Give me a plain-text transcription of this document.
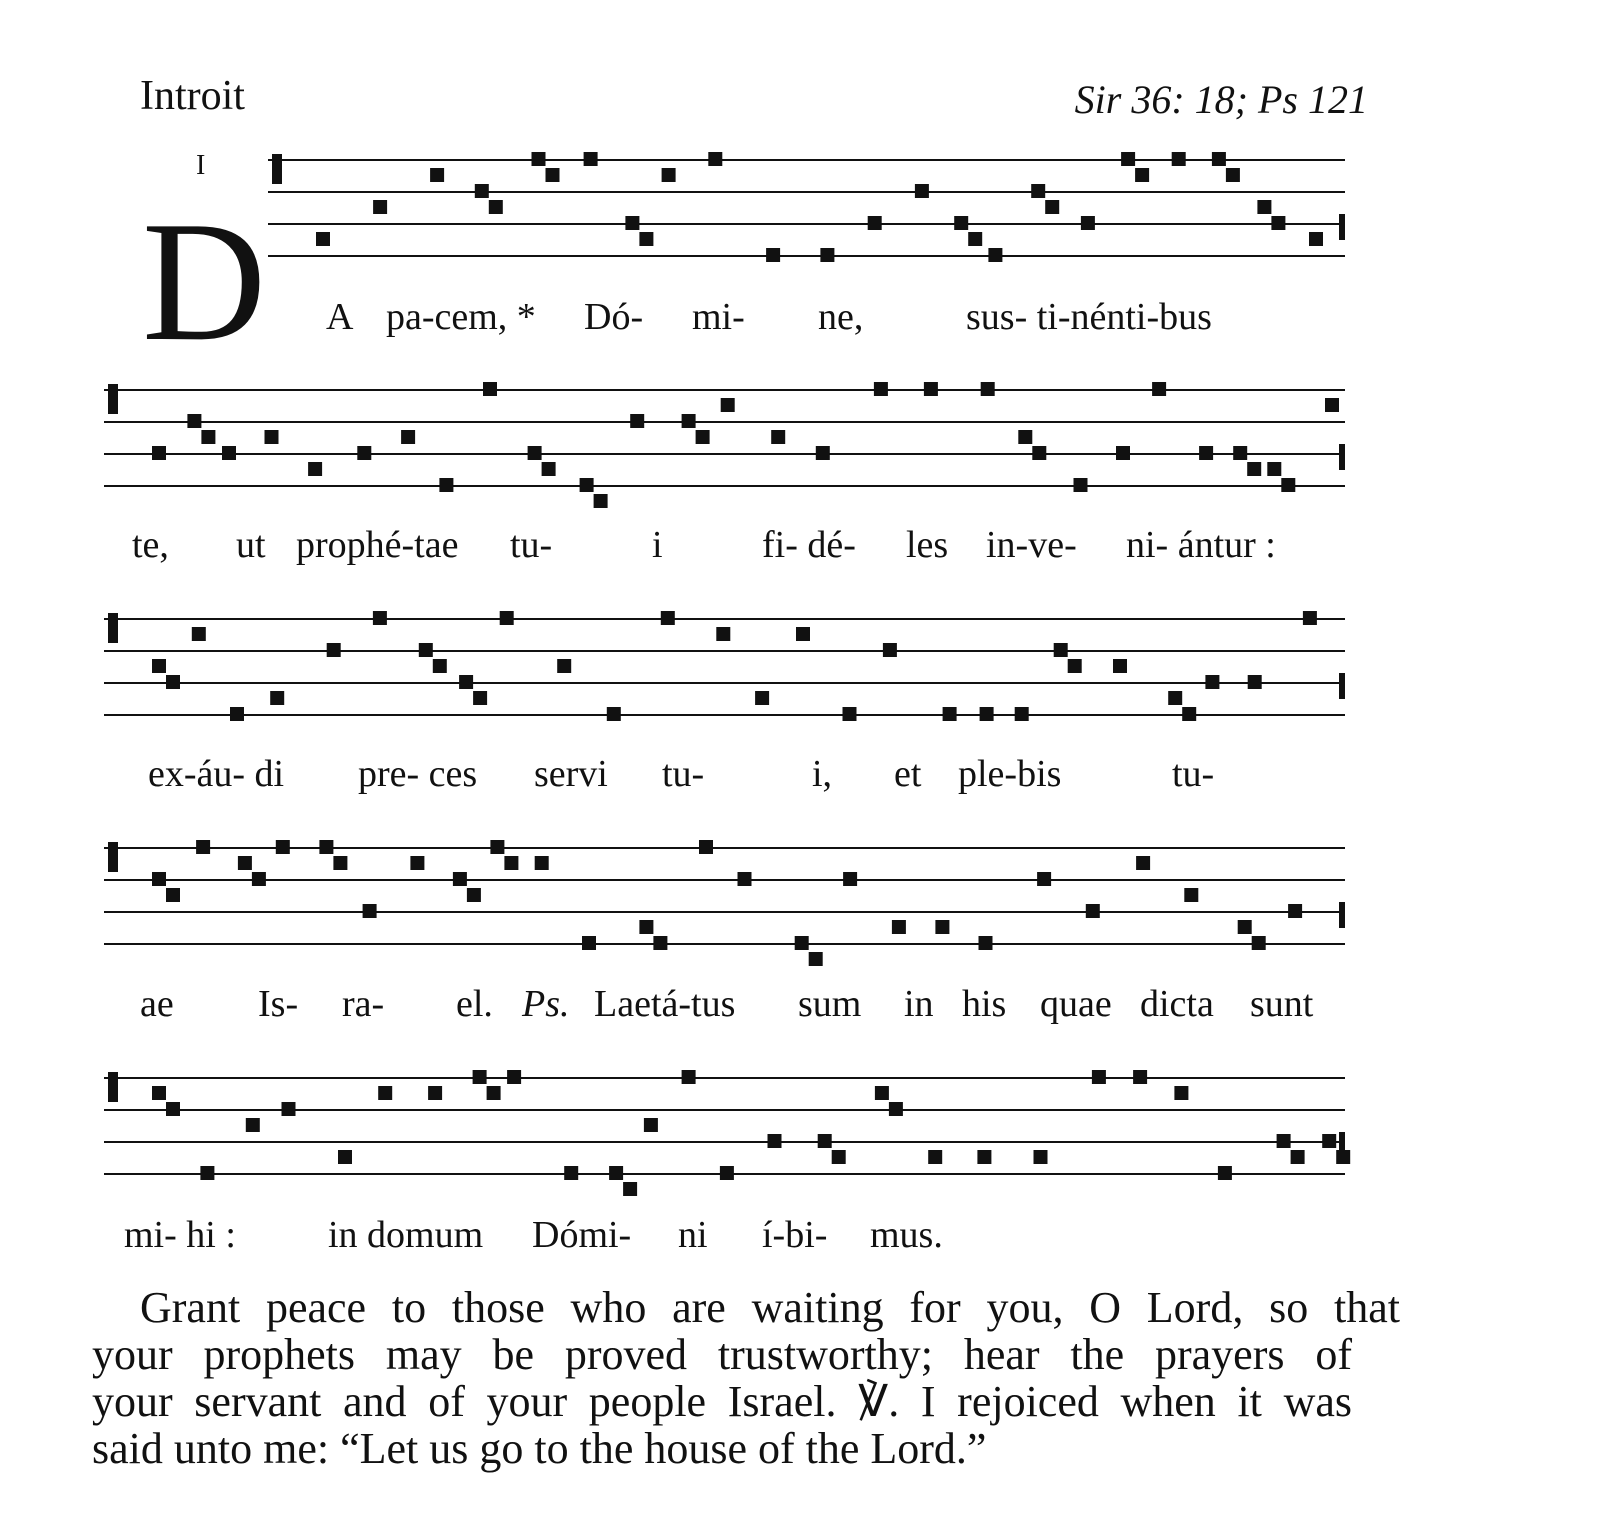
Introit	Sir 36: 18; Ps 121
I
D A pa-cem, * Dó- mi- ne,	sus- ti-nénti-bus
te, ut prophé-tae tu-	i	fi- dé- les in-ve- ni- ántur :
ex-áu- di pre- ces servi tu-	i, et ple-bis	tu-
ae Is- ra- el. Ps. Laetá-tus sum in his quae dicta sunt
mi- hi : in domum Dómi- ni í-bi- mus.
Grant peace to those who are waiting for you, O Lord, so that
your prophets may be proved trustworthy; hear the prayers of
your servant and of your people Israel. ℣. I rejoiced when it was
said unto me: “Let us go to the house of the Lord.”
